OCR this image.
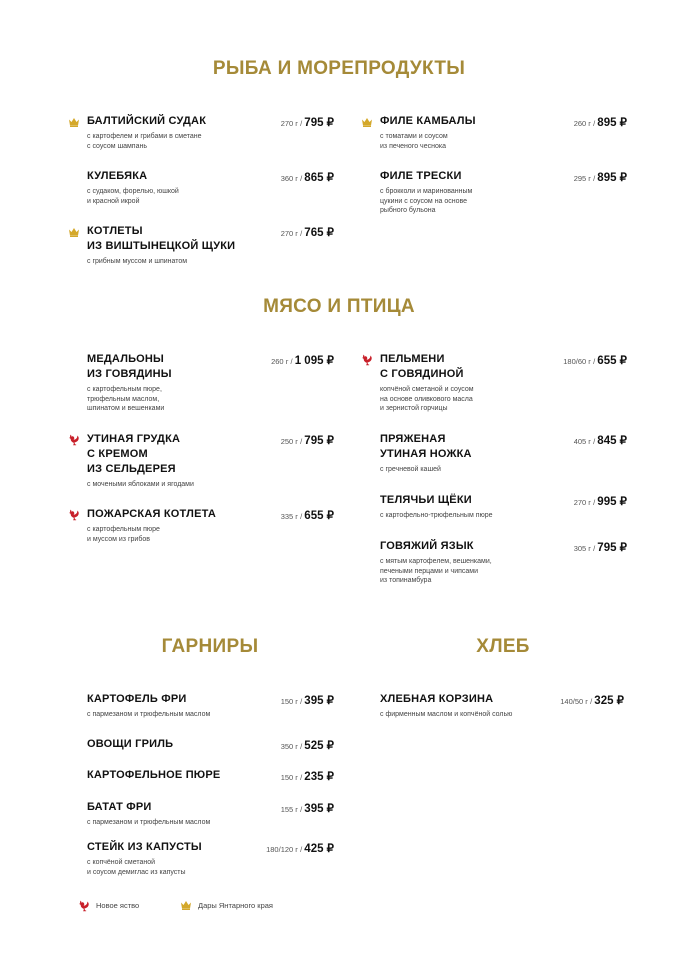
РЫБА И МОРЕПРОДУКТЫ
МЯСО И ПТИЦА
ГАРНИРЫ	ХЛЕБ
БАЛТИЙСКИЙ СУДАК	270 г / 795 ₽
с картофелем и грибами в сметане
с соусом шампань
КУЛЕБЯКА	360 г / 865 ₽
с судаком, форелью, юшкой
и красной икрой
КОТЛЕТЫ
ИЗ ВИШТЫНЕЦКОЙ ЩУКИ
270 г / 765 ₽
с грибным муссом и шпинатом
ФИЛЕ КАМБАЛЫ	260 г / 895 ₽
с томатами и соусом
из печеного чеснока
ФИЛЕ ТРЕСКИ	295 г / 895 ₽
с брокколи и маринованным
цукини с соусом на основе
рыбного бульона
МЕДАЛЬОНЫ
ИЗ ГОВЯДИНЫ
260 г / 1 095 ₽
с картофельным пюре,
трюфельным маслом,
шпинатом и вешенками
УТИНАЯ ГРУДКА
С КРЕМОМ
ИЗ СЕЛЬДЕРЕЯ
250 г / 795 ₽
с мочеными яблоками и ягодами
ПОЖАРСКАЯ КОТЛЕТА	335 г / 655 ₽
с картофельным пюре
и муссом из грибов
ПЕЛЬМЕНИ
С ГОВЯДИНОЙ
180/60 г / 655 ₽
копчёной сметаной и соусом
на основе оливкового масла
и зернистой горчицы
ПРЯЖЕНАЯ
УТИНАЯ НОЖКА
405 г / 845 ₽
с гречневой кашей
ТЕЛЯЧЬИ ЩЁКИ	270 г / 995 ₽
с картофельно-трюфельным пюре
ГОВЯЖИЙ ЯЗЫК	305 г / 795 ₽
с мятым картофелем, вешенками,
печеными перцами и чипсами
из топинамбура
КАРТОФЕЛЬ ФРИ	150 г / 395 ₽
с пармезаном и трюфельным маслом
ОВОЩИ ГРИЛЬ	350 г / 525 ₽
КАРТОФЕЛЬНОЕ ПЮРЕ	150 г / 235 ₽
БАТАТ ФРИ	155 г / 395 ₽
с пармезаном и трюфельным маслом
СТЕЙК ИЗ КАПУСТЫ	180/120 г / 425 ₽
с копчёной сметаной
и соусом демиглас из капусты
ХЛЕБНАЯ КОРЗИНА	140/50 г / 325 ₽
с фирменным маслом и копчёной солью
Новое яство	Дары Янтарного края
